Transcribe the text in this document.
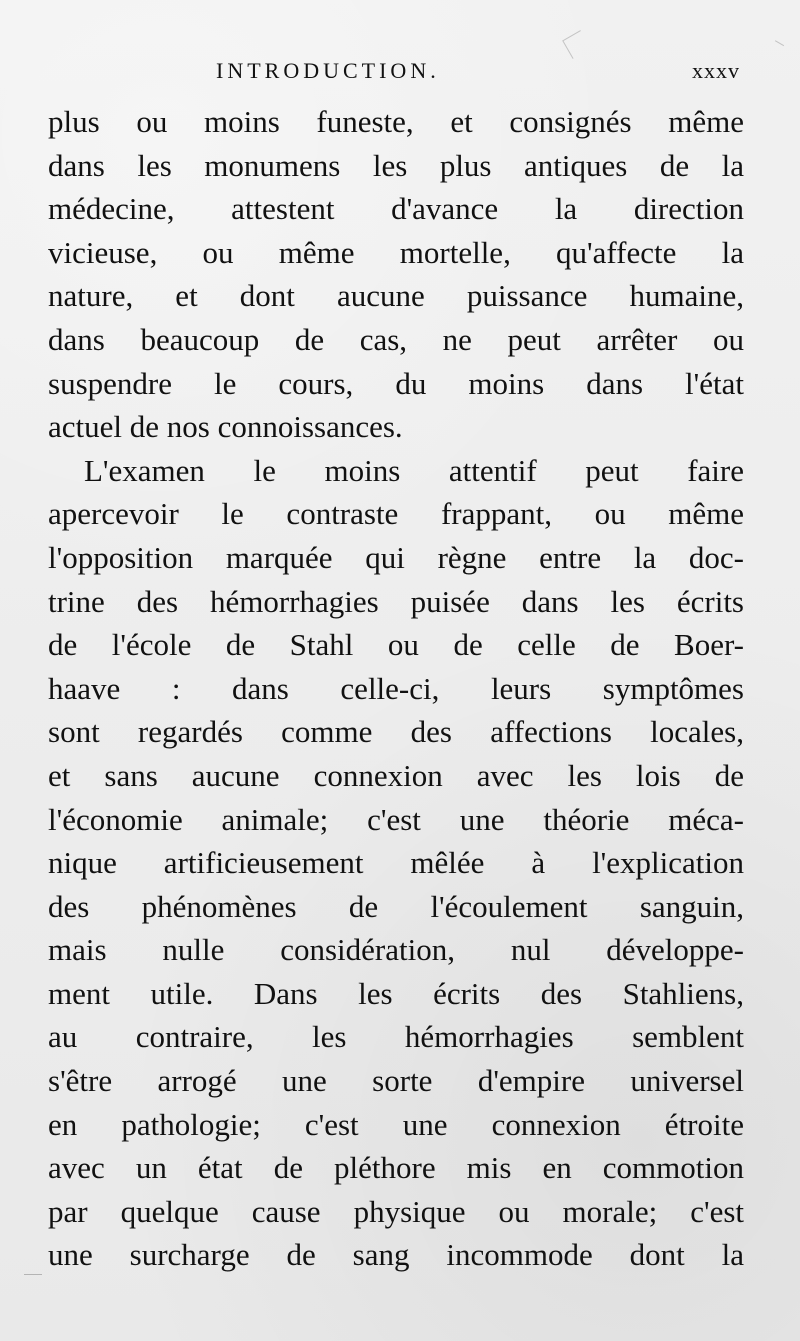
INTRODUCTION.	xxxv
plus ou moins funeste, et consignés même
dans les monumens les plus antiques de la
médecine, attestent d'avance la direction
vicieuse, ou même mortelle, qu'affecte la
nature, et dont aucune puissance humaine,
dans beaucoup de cas, ne peut arrêter ou
suspendre le cours, du moins dans l'état
actuel de nos connoissances.
L'examen le moins attentif peut faire
apercevoir le contraste frappant, ou même
l'opposition marquée qui règne entre la doc-
trine des hémorrhagies puisée dans les écrits
de l'école de Stahl ou de celle de Boer-
haave : dans celle-ci, leurs symptômes
sont regardés comme des affections locales,
et sans aucune connexion avec les lois de
l'économie animale; c'est une théorie méca-
nique artificieusement mêlée à l'explication
des phénomènes de l'écoulement sanguin,
mais nulle considération, nul développe-
ment utile. Dans les écrits des Stahliens,
au contraire, les hémorrhagies semblent
s'être arrogé une sorte d'empire universel
en pathologie; c'est une connexion étroite
avec un état de pléthore mis en commotion
par quelque cause physique ou morale; c'est
une surcharge de sang incommode dont la
